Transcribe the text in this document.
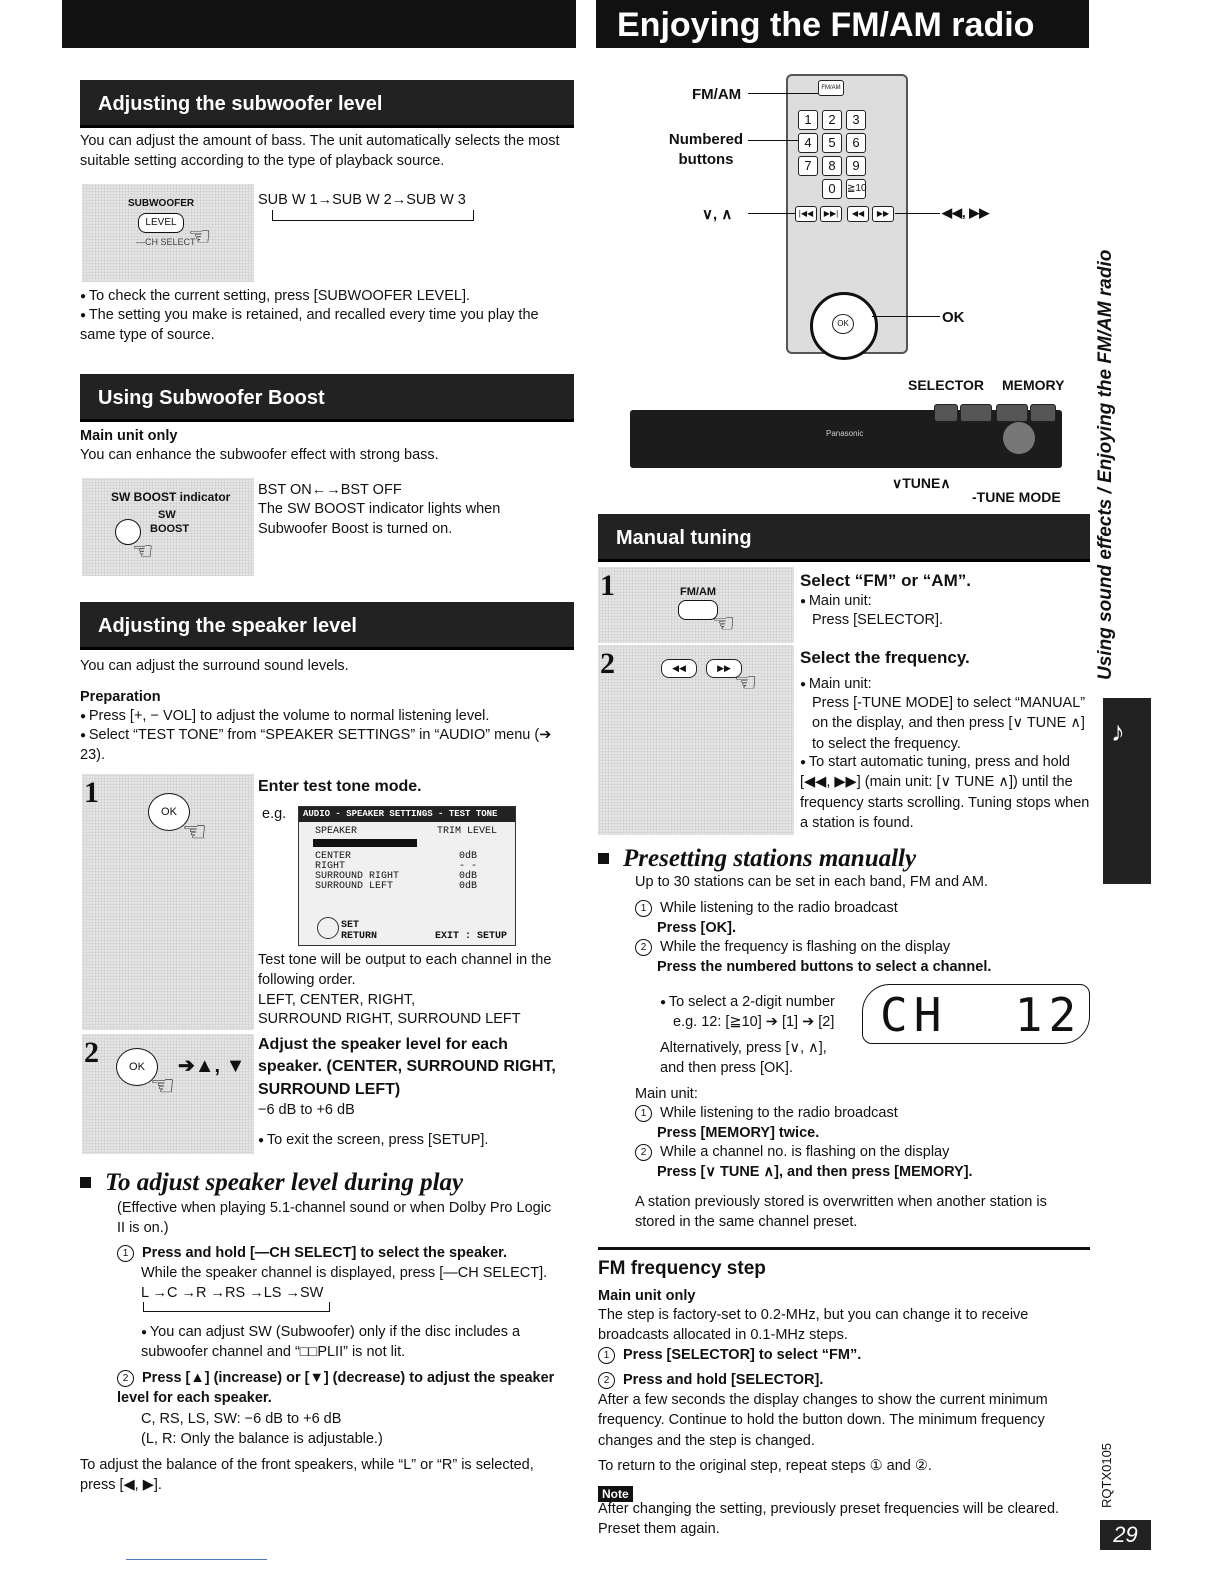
Enjoying the FM/AM radio
Adjusting the subwoofer level

You can adjust the amount of bass. The unit automatically selects the most suitable setting according to the type of playback source.

SUBWOOFER
LEVEL
—CH SELECT
☜
SUB W 1→SUB W 2→SUB W 3

● To check the current setting, press [SUBWOOFER LEVEL].

● The setting you make is retained, and recalled every time you play the same type of source.

Using Subwoofer Boost

Main unit only

You can enhance the subwoofer effect with strong bass.

SW BOOST indicator
SW
BOOST
☜
BST ON←→BST OFF

The SW BOOST indicator lights when Subwoofer Boost is turned on.

Adjusting the speaker level

You can adjust the surround sound levels.

Preparation

● Press [+, − VOL] to adjust the volume to normal listening level.

● Select “TEST TONE” from “SPEAKER SETTINGS” in “AUDIO” menu (➔ 23).

1
OK
☜
Enter test tone mode.
e.g.	AUDIO - SPEAKER SETTINGS - TEST TONE
SPEAKER	TRIM LEVEL
CENTER	0dB
RIGHT	- -
SURROUND RIGHT	0dB
SURROUND LEFT	0dB
SET
RETURN	EXIT : SETUP

Test tone will be output to each channel in the following order.

LEFT, CENTER, RIGHT,

SURROUND RIGHT, SURROUND LEFT

2	OK
☜
➔▲, ▼

Adjust the speaker level for each speaker. (CENTER, SURROUND RIGHT, SURROUND LEFT)

−6 dB to +6 dB

● To exit the screen, press [SETUP].

To adjust speaker level during play

(Effective when playing 5.1-channel sound or when Dolby Pro Logic II is on.)

1 Press and hold [—CH SELECT] to select the speaker.

While the speaker channel is displayed, press [—CH SELECT].

L →C →R →RS →LS →SW

● You can adjust SW (Subwoofer) only if the disc includes a subwoofer channel and “□□PLII” is not lit.

2 Press [▲] (increase) or [▼] (decrease) to adjust the speaker level for each speaker.

C, RS, LS, SW: −6 dB to +6 dB

(L, R: Only the balance is adjustable.)

To adjust the balance of the front speakers, while “L” or “R” is selected, press [◀, ▶].

FM/AM
1	2	3
4	5	6
7	8	9
0	≧10
|◀◀	▶▶|	◀◀	▶▶
OK
FM/AM
Numbered buttons
∨, ∧	◀◀, ▶▶
OK
SELECTOR MEMORY
Panasonic
∨TUNE∧
-TUNE MODE
Manual tuning
1	FM/AM
☜

Select “FM” or “AM”.

● Main unit:

Press [SELECTOR].

2	◀◀	▶▶ ☜

Select the frequency.

● Main unit:

Press [-TUNE MODE] to select “MANUAL” on the display, and then press [∨ TUNE ∧] to select the frequency.

● To start automatic tuning, press and hold [◀◀, ▶▶] (main unit: [∨ TUNE ∧]) until the frequency starts scrolling. Tuning stops when a station is found.

Presetting stations manually

Up to 30 stations can be set in each band, FM and AM.

1 While listening to the radio broadcast

Press [OK].

2 While the frequency is flashing on the display

Press the numbered buttons to select a channel.

● To select a 2-digit number

e.g. 12: [≧10] ➔ [1] ➔ [2]

Alternatively, press [∨, ∧],

and then press [OK].

CH  12

Main unit:

1 While listening to the radio broadcast

Press [MEMORY] twice.

2 While a channel no. is flashing on the display

Press [∨ TUNE ∧], and then press [MEMORY].

A station previously stored is overwritten when another station is stored in the same channel preset.

FM frequency step

Main unit only

The step is factory-set to 0.2-MHz, but you can change it to receive broadcasts allocated in 0.1-MHz steps.

1 Press [SELECTOR] to select “FM”.
2 Press and hold [SELECTOR].

After a few seconds the display changes to show the current minimum frequency. Continue to hold the button down. The minimum frequency changes and the step is changed.

To return to the original step, repeat steps ① and ②.

Note

After changing the setting, previously preset frequencies will be cleared. Preset them again.

Using sound effects / Enjoying the FM/AM radio
♪
RQTX0105
29
